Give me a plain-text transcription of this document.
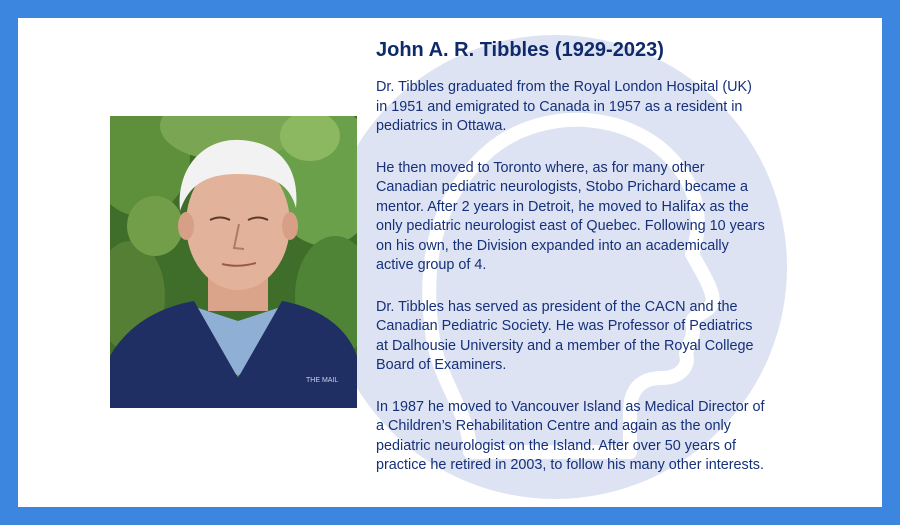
THE MAIL
John A. R. Tibbles (1929-2023)

Dr. Tibbles graduated from the Royal London Hospital (UK) in 1951 and emigrated to Canada in 1957 as a resident in pediatrics in Ottawa.

He then moved to Toronto where, as for many other Canadian pediatric neurologists, Stobo Prichard became a mentor. After 2 years in Detroit, he moved to Halifax as the only pediatric neurologist east of Quebec. Following 10 years on his own, the Division expanded into an academically active group of 4.

Dr. Tibbles has served as president of the CACN and the Canadian Pediatric Society. He was Professor of Pediatrics at Dalhousie University and a member of the Royal College Board of Examiners.

In 1987 he moved to Vancouver Island as Medical Director of a Children’s Rehabilitation Centre and again as the only pediatric neurologist on the Island. After over 50 years of practice he retired in 2003, to follow his many other interests.
